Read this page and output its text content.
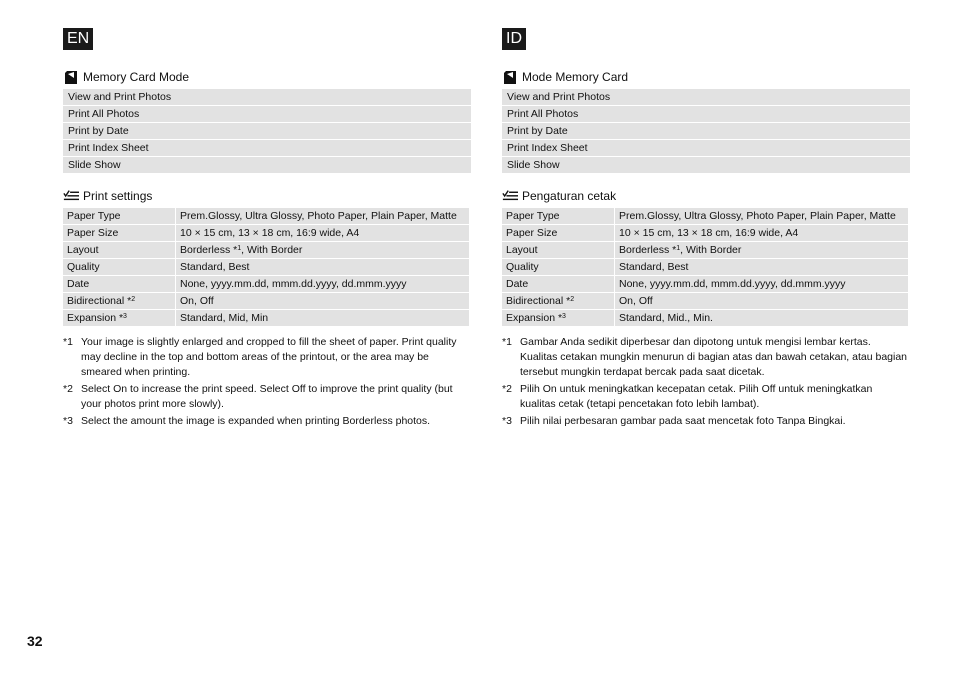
EN
Memory Card Mode
View and Print Photos
Print All Photos
Print by Date
Print Index Sheet
Slide Show
Print settings
Paper Type	Prem.Glossy, Ultra Glossy, Photo Paper, Plain Paper, Matte
Paper Size	10 × 15 cm, 13 × 18 cm, 16:9 wide, A4
Layout	Borderless *$^1$, With Border
Quality	Standard, Best
Date	None, yyyy.mm.dd, mmm.dd.yyyy, dd.mmm.yyyy
Bidirectional *$^2$	On, Off
Expansion *$^3$	Standard, Mid, Min
*1 Your image is slightly enlarged and cropped to fill the sheet of paper. Print quality may decline in the top and bottom areas of the printout, or the area may be smeared when printing.
*2 Select On to increase the print speed. Select Off to improve the print quality (but your photos print more slowly).
*3 Select the amount the image is expanded when printing Borderless photos.
ID
Mode Memory Card
View and Print Photos
Print All Photos
Print by Date
Print Index Sheet
Slide Show
Pengaturan cetak
Paper Type	Prem.Glossy, Ultra Glossy, Photo Paper, Plain Paper, Matte
Paper Size	10 × 15 cm, 13 × 18 cm, 16:9 wide, A4
Layout	Borderless *$^1$, With Border
Quality	Standard, Best
Date	None, yyyy.mm.dd, mmm.dd.yyyy, dd.mmm.yyyy
Bidirectional *$^2$	On, Off
Expansion *$^3$	Standard, Mid., Min.
*1 Gambar Anda sedikit diperbesar dan dipotong untuk mengisi lembar kertas. Kualitas cetakan mungkin menurun di bagian atas dan bawah cetakan, atau bagian tersebut mungkin terdapat bercak pada saat dicetak.
*2 Pilih On untuk meningkatkan kecepatan cetak. Pilih Off untuk meningkatkan kualitas cetak (tetapi pencetakan foto lebih lambat).
*3 Pilih nilai perbesaran gambar pada saat mencetak foto Tanpa Bingkai.
32
